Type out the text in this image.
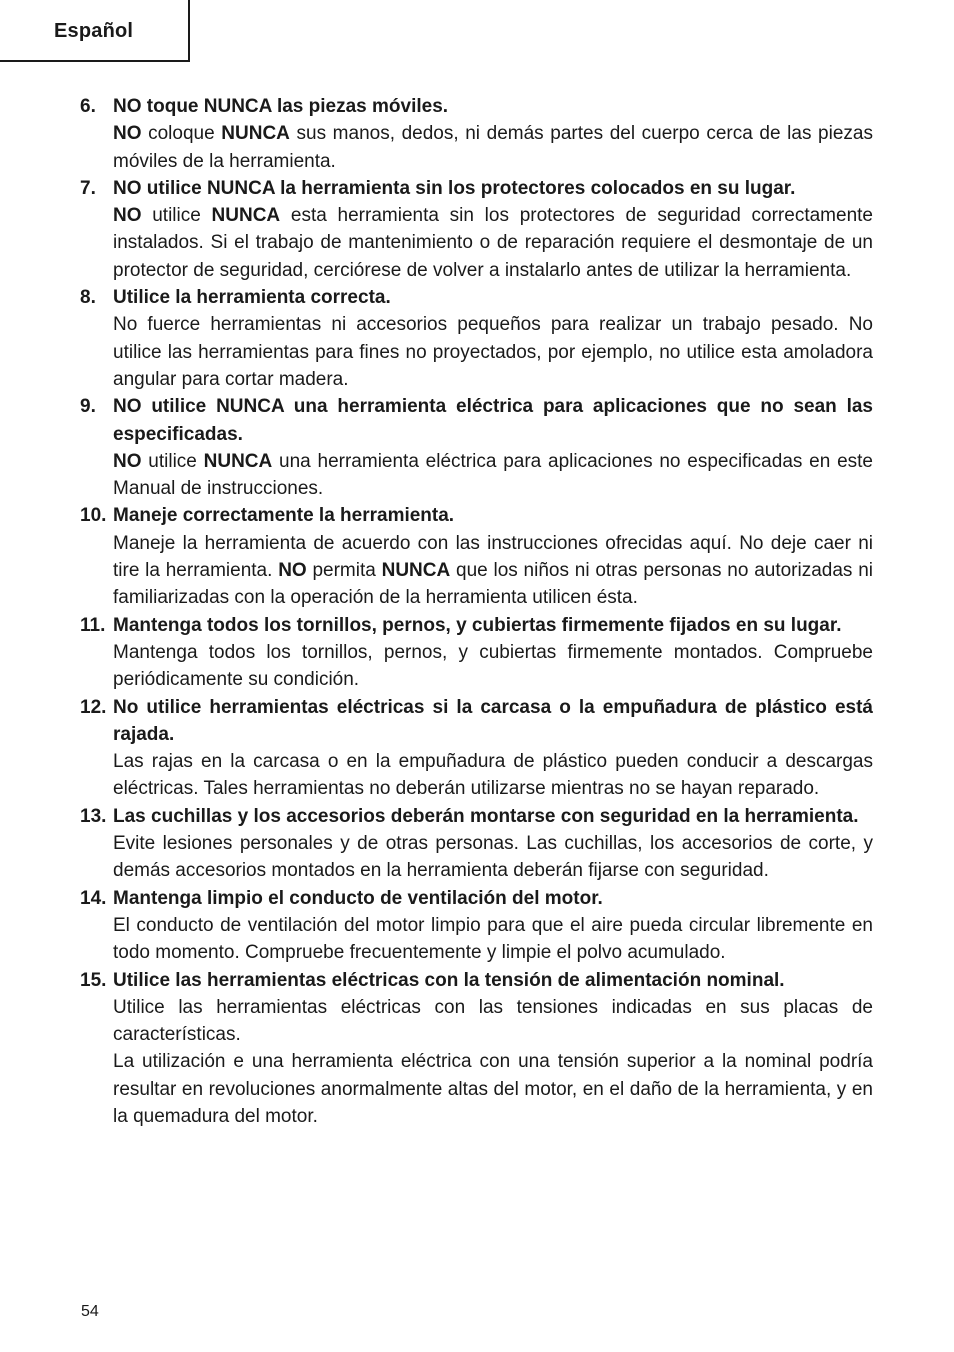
Español
6. NO toque NUNCA las piezas móviles.

NO coloque NUNCA sus manos, dedos, ni demás partes del cuerpo cerca de las piezas móviles de la herramienta.

7. NO utilice NUNCA la herramienta sin los protectores colocados en su lugar.

NO utilice NUNCA esta herramienta sin los protectores de seguridad correctamente instalados. Si el trabajo de mantenimiento o de reparación requiere el desmontaje de un protector de seguridad, cerciórese de volver a instalarlo antes de utilizar la herramienta.

8. Utilice la herramienta correcta.

No fuerce herramientas ni accesorios pequeños para realizar un trabajo pesado. No utilice las herramientas para fines no proyectados, por ejemplo, no utilice esta amoladora angular para cortar madera.

9. NO utilice NUNCA una herramienta eléctrica para aplicaciones que no sean las especificadas.

NO utilice NUNCA una herramienta eléctrica para aplicaciones no especificadas en este Manual de instrucciones.

10. Maneje correctamente la herramienta.

Maneje la herramienta de acuerdo con las instrucciones ofrecidas aquí. No deje caer ni tire la herramienta. NO permita NUNCA que los niños ni otras personas no autorizadas ni familiarizadas con la operación de la herramienta utilicen ésta.

11. Mantenga todos los tornillos, pernos, y cubiertas firmemente fijados en su lugar.

Mantenga todos los tornillos, pernos, y cubiertas firmemente montados. Compruebe periódicamente su condición.

12. No utilice herramientas eléctricas si la carcasa o la empuñadura de plástico está rajada.

Las rajas en la carcasa o en la empuñadura de plástico pueden conducir a descargas eléctricas. Tales herramientas no deberán utilizarse mientras no se hayan reparado.

13. Las cuchillas y los accesorios deberán montarse con seguridad en la herramienta.

Evite lesiones personales y de otras personas. Las cuchillas, los accesorios de corte, y demás accesorios montados en la herramienta deberán fijarse con seguridad.

14. Mantenga limpio el conducto de ventilación del motor.

El conducto de ventilación del motor limpio para que el aire pueda circular libremente en todo momento. Compruebe frecuentemente y limpie el polvo acumulado.

15. Utilice las herramientas eléctricas con la tensión de alimentación nominal.

Utilice las herramientas eléctricas con las tensiones indicadas en sus placas de características.

La utilización e una herramienta eléctrica con una tensión superior a la nominal podría resultar en revoluciones anormalmente altas del motor, en el daño de la herramienta, y en la quemadura del motor.

54
